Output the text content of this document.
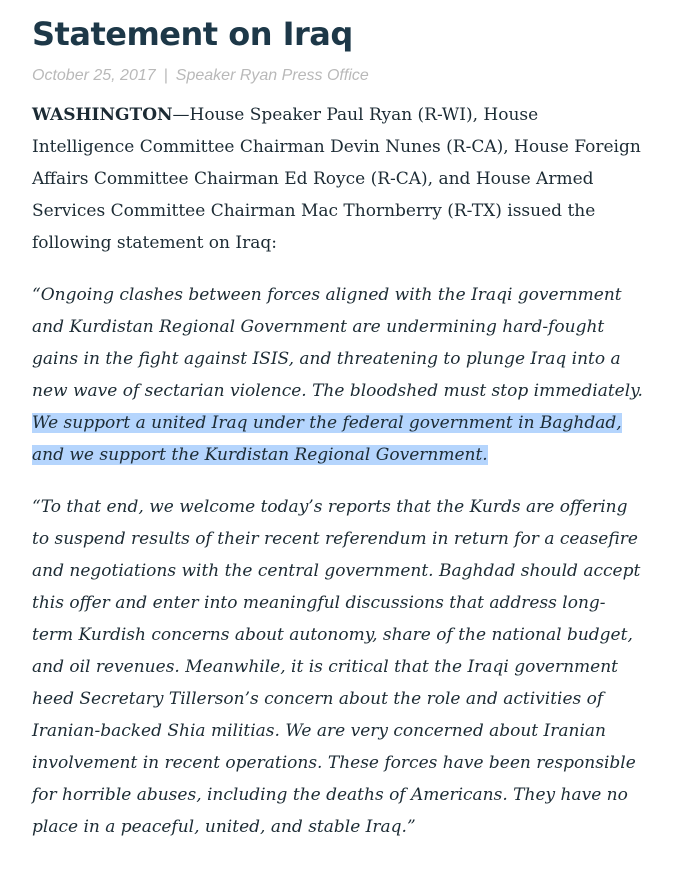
Statement on Iraq
October 25, 2017 | Speaker Ryan Press Office

WASHINGTON—House Speaker Paul Ryan (R-WI), House Intelligence Committee Chairman Devin Nunes (R-CA), House Foreign Affairs Committee Chairman Ed Royce (R-CA), and House Armed Services Committee Chairman Mac Thornberry (R-TX) issued the following statement on Iraq:

“Ongoing clashes between forces aligned with the Iraqi government and Kurdistan Regional Government are undermining hard-fought gains in the fight against ISIS, and threatening to plunge Iraq into a new wave of sectarian violence. The bloodshed must stop immediately. We support a united Iraq under the federal government in Baghdad, and we support the Kurdistan Regional Government.

“To that end, we welcome today’s reports that the Kurds are offering to suspend results of their recent referendum in return for a ceasefire and negotiations with the central government. Baghdad should accept this offer and enter into meaningful discussions that address long-term Kurdish concerns about autonomy, share of the national budget, and oil revenues. Meanwhile, it is critical that the Iraqi government heed Secretary Tillerson’s concern about the role and activities of Iranian-backed Shia militias. We are very concerned about Iranian involvement in recent operations. These forces have been responsible for horrible abuses, including the deaths of Americans. They have no place in a peaceful, united, and stable Iraq.”
